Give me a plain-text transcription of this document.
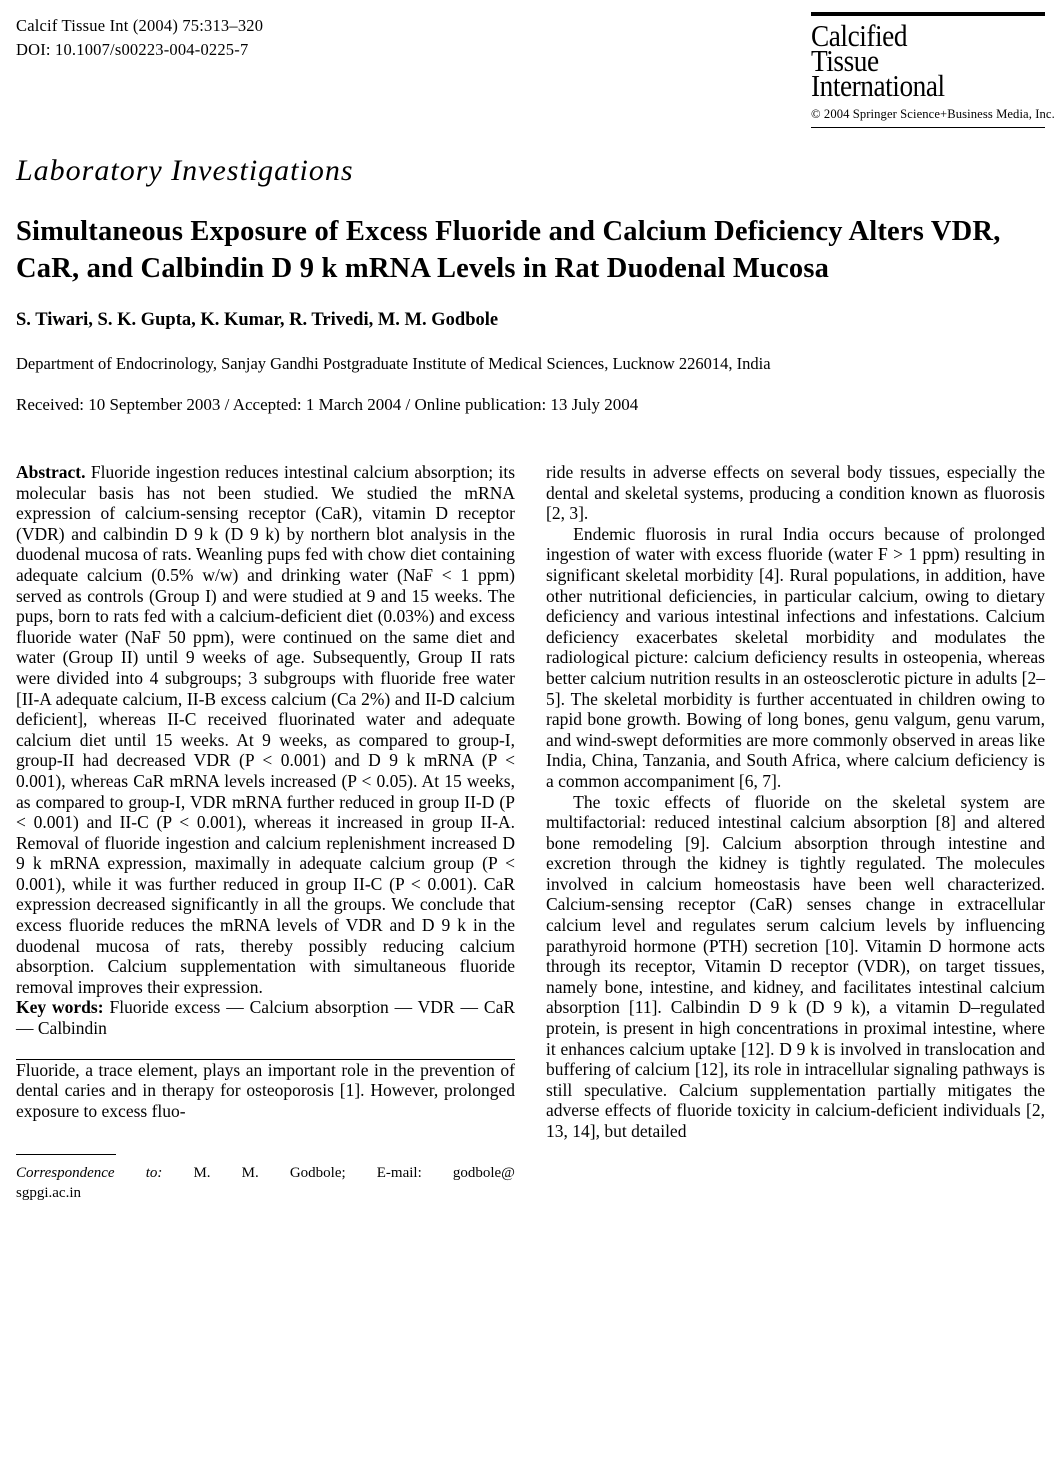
Calcif Tissue Int (2004) 75:313–320
DOI: 10.1007/s00223-004-0225-7	Calcified
Tissue
International
© 2004 Springer Science+Business Media, Inc.
Laboratory Investigations
Simultaneous Exposure of Excess Fluoride and Calcium Deficiency Alters VDR, CaR, and Calbindin D 9 k mRNA Levels in Rat Duodenal Mucosa
S. Tiwari, S. K. Gupta, K. Kumar, R. Trivedi, M. M. Godbole
Department of Endocrinology, Sanjay Gandhi Postgraduate Institute of Medical Sciences, Lucknow 226014, India
Received: 10 September 2003 / Accepted: 1 March 2004 / Online publication: 13 July 2004

Abstract. Fluoride ingestion reduces intestinal calcium absorption; its molecular basis has not been studied. We studied the mRNA expression of calcium-sensing receptor (CaR), vitamin D receptor (VDR) and calbindin D 9 k (D 9 k) by northern blot analysis in the duodenal mucosa of rats. Weanling pups fed with chow diet containing adequate calcium (0.5% w/w) and drinking water (NaF < 1 ppm) served as controls (Group I) and were studied at 9 and 15 weeks. The pups, born to rats fed with a calcium-deficient diet (0.03%) and excess fluoride water (NaF 50 ppm), were continued on the same diet and water (Group II) until 9 weeks of age. Subsequently, Group II rats were divided into 4 subgroups; 3 subgroups with fluoride free water [II-A adequate calcium, II-B excess calcium (Ca 2%) and II-D calcium deficient], whereas II-C received fluorinated water and adequate calcium diet until 15 weeks. At 9 weeks, as compared to group-I, group-II had decreased VDR (P < 0.001) and D 9 k mRNA (P < 0.001), whereas CaR mRNA levels increased (P < 0.05). At 15 weeks, as compared to group-I, VDR mRNA further reduced in group II-D (P < 0.001) and II-C (P < 0.001), whereas it increased in group II-A. Removal of fluoride ingestion and calcium replenishment increased D 9 k mRNA expression, maximally in adequate calcium group (P < 0.001), while it was further reduced in group II-C (P < 0.001). CaR expression decreased significantly in all the groups. We conclude that excess fluoride reduces the mRNA levels of VDR and D 9 k in the duodenal mucosa of rats, thereby possibly reducing calcium absorption. Calcium supplementation with simultaneous fluoride removal improves their expression.

Key words: Fluoride excess — Calcium absorption — VDR — CaR — Calbindin

Fluoride, a trace element, plays an important role in the prevention of dental caries and in therapy for osteoporosis [1]. However, prolonged exposure to excess fluo-

Correspondence to: M. M. Godbole; E-mail: godbole@
sgpgi.ac.in

ride results in adverse effects on several body tissues, especially the dental and skeletal systems, producing a condition known as fluorosis [2, 3].

Endemic fluorosis in rural India occurs because of prolonged ingestion of water with excess fluoride (water F > 1 ppm) resulting in significant skeletal morbidity [4]. Rural populations, in addition, have other nutritional deficiencies, in particular calcium, owing to dietary deficiency and various intestinal infections and infestations. Calcium deficiency exacerbates skeletal morbidity and modulates the radiological picture: calcium deficiency results in osteopenia, whereas better calcium nutrition results in an osteosclerotic picture in adults [2–5]. The skeletal morbidity is further accentuated in children owing to rapid bone growth. Bowing of long bones, genu valgum, genu varum, and wind-swept deformities are more commonly observed in areas like India, China, Tanzania, and South Africa, where calcium deficiency is a common accompaniment [6, 7].

The toxic effects of fluoride on the skeletal system are multifactorial: reduced intestinal calcium absorption [8] and altered bone remodeling [9]. Calcium absorption through intestine and excretion through the kidney is tightly regulated. The molecules involved in calcium homeostasis have been well characterized. Calcium-sensing receptor (CaR) senses change in extracellular calcium level and regulates serum calcium levels by influencing parathyroid hormone (PTH) secretion [10]. Vitamin D hormone acts through its receptor, Vitamin D receptor (VDR), on target tissues, namely bone, intestine, and kidney, and facilitates intestinal calcium absorption [11]. Calbindin D 9 k (D 9 k), a vitamin D–regulated protein, is present in high concentrations in proximal intestine, where it enhances calcium uptake [12]. D 9 k is involved in translocation and buffering of calcium [12], its role in intracellular signaling pathways is still speculative. Calcium supplementation partially mitigates the adverse effects of fluoride toxicity in calcium-deficient individuals [2, 13, 14], but detailed
